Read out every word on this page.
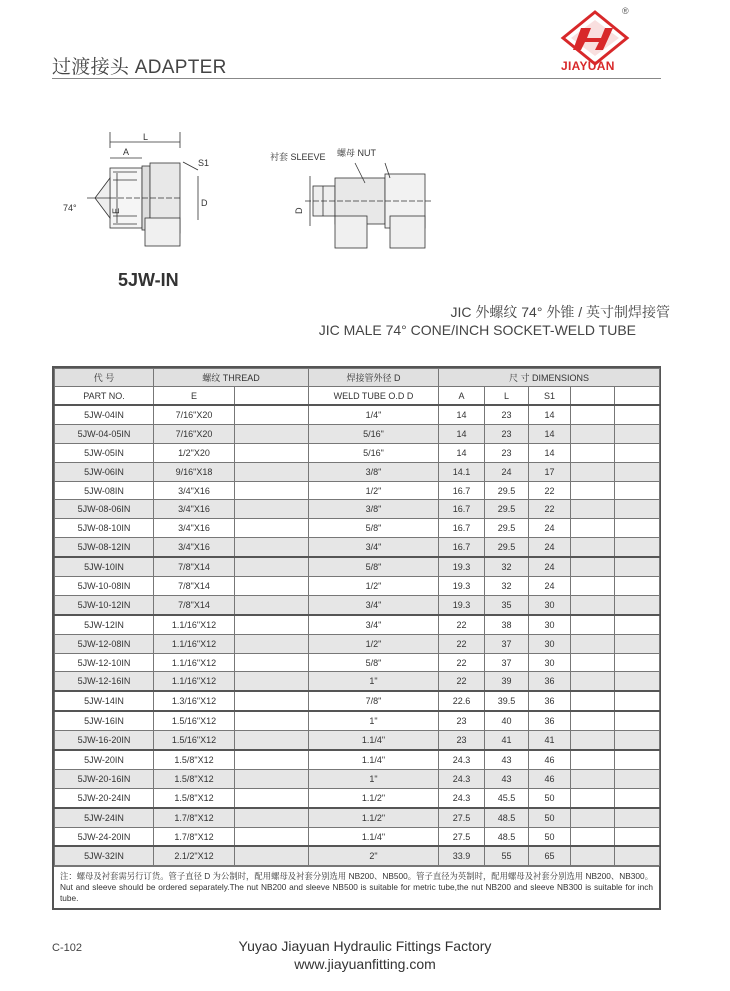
过渡接头 ADAPTER
®
JIAYUAN
L
A
S1
74°	E
D
衬套 SLEEVE 螺母 NUT
D
5JW-IN
JIC 外螺纹 74° 外锥 / 英寸制焊接管
JIC MALE 74° CONE/INCH SOCKET-WELD TUBE
代 号	螺纹 THREAD		焊接管外径 D	尺 寸 DIMENSIONS				
PART NO.	E		WELD TUBE O.D D	A	L	S1		
5JW-04IN	7/16"X20		1/4"	14	23	14		
5JW-04-05IN	7/16"X20		5/16"	14	23	14		
5JW-05IN	1/2"X20		5/16"	14	23	14		
5JW-06IN	9/16"X18		3/8"	14.1	24	17		
5JW-08IN	3/4"X16		1/2"	16.7	29.5	22		
5JW-08-06IN	3/4"X16		3/8"	16.7	29.5	22		
5JW-08-10IN	3/4"X16		5/8"	16.7	29.5	24		
5JW-08-12IN	3/4"X16		3/4"	16.7	29.5	24		
5JW-10IN	7/8"X14		5/8"	19.3	32	24		
5JW-10-08IN	7/8"X14		1/2"	19.3	32	24		
5JW-10-12IN	7/8"X14		3/4"	19.3	35	30		
5JW-12IN	1.1/16"X12		3/4"	22	38	30		
5JW-12-08IN	1.1/16"X12		1/2"	22	37	30		
5JW-12-10IN	1.1/16"X12		5/8"	22	37	30		
5JW-12-16IN	1.1/16"X12		1"	22	39	36		
5JW-14IN	1.3/16"X12		7/8"	22.6	39.5	36		
5JW-16IN	1.5/16"X12		1"	23	40	36		
5JW-16-20IN	1.5/16"X12		1.1/4"	23	41	41		
5JW-20IN	1.5/8"X12		1.1/4"	24.3	43	46		
5JW-20-16IN	1.5/8"X12		1"	24.3	43	46		
5JW-20-24IN	1.5/8"X12		1.1/2"	24.3	45.5	50		
5JW-24IN	1.7/8"X12		1.1/2"	27.5	48.5	50		
5JW-24-20IN	1.7/8"X12		1.1/4"	27.5	48.5	50		
5JW-32IN	2.1/2"X12		2"	33.9	55	65		
注：螺母及衬套需另行订货。管子直径 D 为公制时，配用螺母及衬套分别选用 NB200、NB500。管子直径为英制时，配用螺母及衬套分别选用 NB200、NB300。 Nut and sleeve should be ordered separately.The nut NB200 and sleeve NB500 is suitable for metric tube,the nut NB200 and sleeve NB300 is suitable for inch tube.
C-102	Yuyao Jiayuan Hydraulic Fittings Factory
www.jiayuanfitting.com
